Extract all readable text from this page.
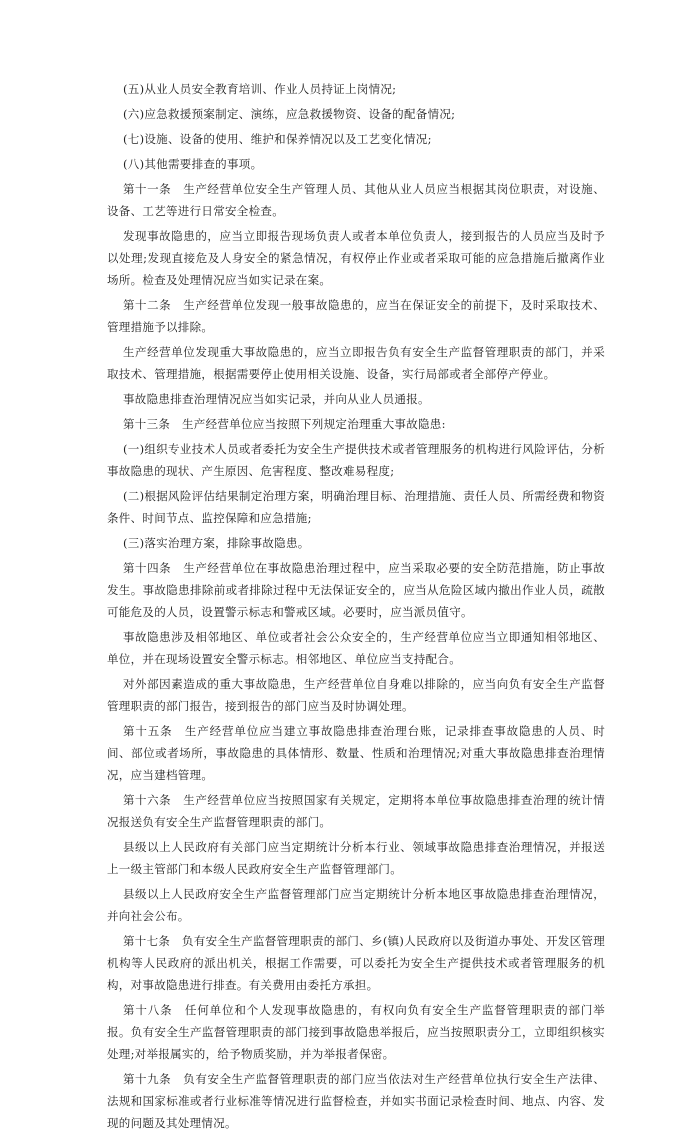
(五)从业人员安全教育培训、作业人员持证上岗情况;

(六)应急救援预案制定、演练，应急救援物资、设备的配备情况;

(七)设施、设备的使用、维护和保养情况以及工艺变化情况;

(八)其他需要排查的事项。

第十一条　生产经营单位安全生产管理人员、其他从业人员应当根据其岗位职责，对设施、设备、工艺等进行日常安全检查。

发现事故隐患的，应当立即报告现场负责人或者本单位负责人，接到报告的人员应当及时予以处理;发现直接危及人身安全的紧急情况，有权停止作业或者采取可能的应急措施后撤离作业场所。检查及处理情况应当如实记录在案。

第十二条　生产经营单位发现一般事故隐患的，应当在保证安全的前提下，及时采取技术、管理措施予以排除。

生产经营单位发现重大事故隐患的，应当立即报告负有安全生产监督管理职责的部门，并采取技术、管理措施，根据需要停止使用相关设施、设备，实行局部或者全部停产停业。

事故隐患排查治理情况应当如实记录，并向从业人员通报。

第十三条　生产经营单位应当按照下列规定治理重大事故隐患:

(一)组织专业技术人员或者委托为安全生产提供技术或者管理服务的机构进行风险评估，分析事故隐患的现状、产生原因、危害程度、整改难易程度;

(二)根据风险评估结果制定治理方案，明确治理目标、治理措施、责任人员、所需经费和物资条件、时间节点、监控保障和应急措施;

(三)落实治理方案，排除事故隐患。

第十四条　生产经营单位在事故隐患治理过程中，应当采取必要的安全防范措施，防止事故发生。事故隐患排除前或者排除过程中无法保证安全的，应当从危险区域内撤出作业人员，疏散可能危及的人员，设置警示标志和警戒区域。必要时，应当派员值守。

事故隐患涉及相邻地区、单位或者社会公众安全的，生产经营单位应当立即通知相邻地区、单位，并在现场设置安全警示标志。相邻地区、单位应当支持配合。

对外部因素造成的重大事故隐患，生产经营单位自身难以排除的，应当向负有安全生产监督管理职责的部门报告，接到报告的部门应当及时协调处理。

第十五条　生产经营单位应当建立事故隐患排查治理台账，记录排查事故隐患的人员、时间、部位或者场所，事故隐患的具体情形、数量、性质和治理情况;对重大事故隐患排查治理情况，应当建档管理。

第十六条　生产经营单位应当按照国家有关规定，定期将本单位事故隐患排查治理的统计情况报送负有安全生产监督管理职责的部门。

县级以上人民政府有关部门应当定期统计分析本行业、领域事故隐患排查治理情况，并报送上一级主管部门和本级人民政府安全生产监督管理部门。

县级以上人民政府安全生产监督管理部门应当定期统计分析本地区事故隐患排查治理情况，并向社会公布。

第十七条　负有安全生产监督管理职责的部门、乡(镇)人民政府以及街道办事处、开发区管理机构等人民政府的派出机关，根据工作需要，可以委托为安全生产提供技术或者管理服务的机构，对事故隐患进行排查。有关费用由委托方承担。

第十八条　任何单位和个人发现事故隐患的，有权向负有安全生产监督管理职责的部门举报。负有安全生产监督管理职责的部门接到事故隐患举报后，应当按照职责分工，立即组织核实处理;对举报属实的，给予物质奖励，并为举报者保密。

第十九条　负有安全生产监督管理职责的部门应当依法对生产经营单位执行安全生产法律、法规和国家标准或者行业标准等情况进行监督检查，并如实书面记录检查时间、地点、内容、发现的问题及其处理情况。
